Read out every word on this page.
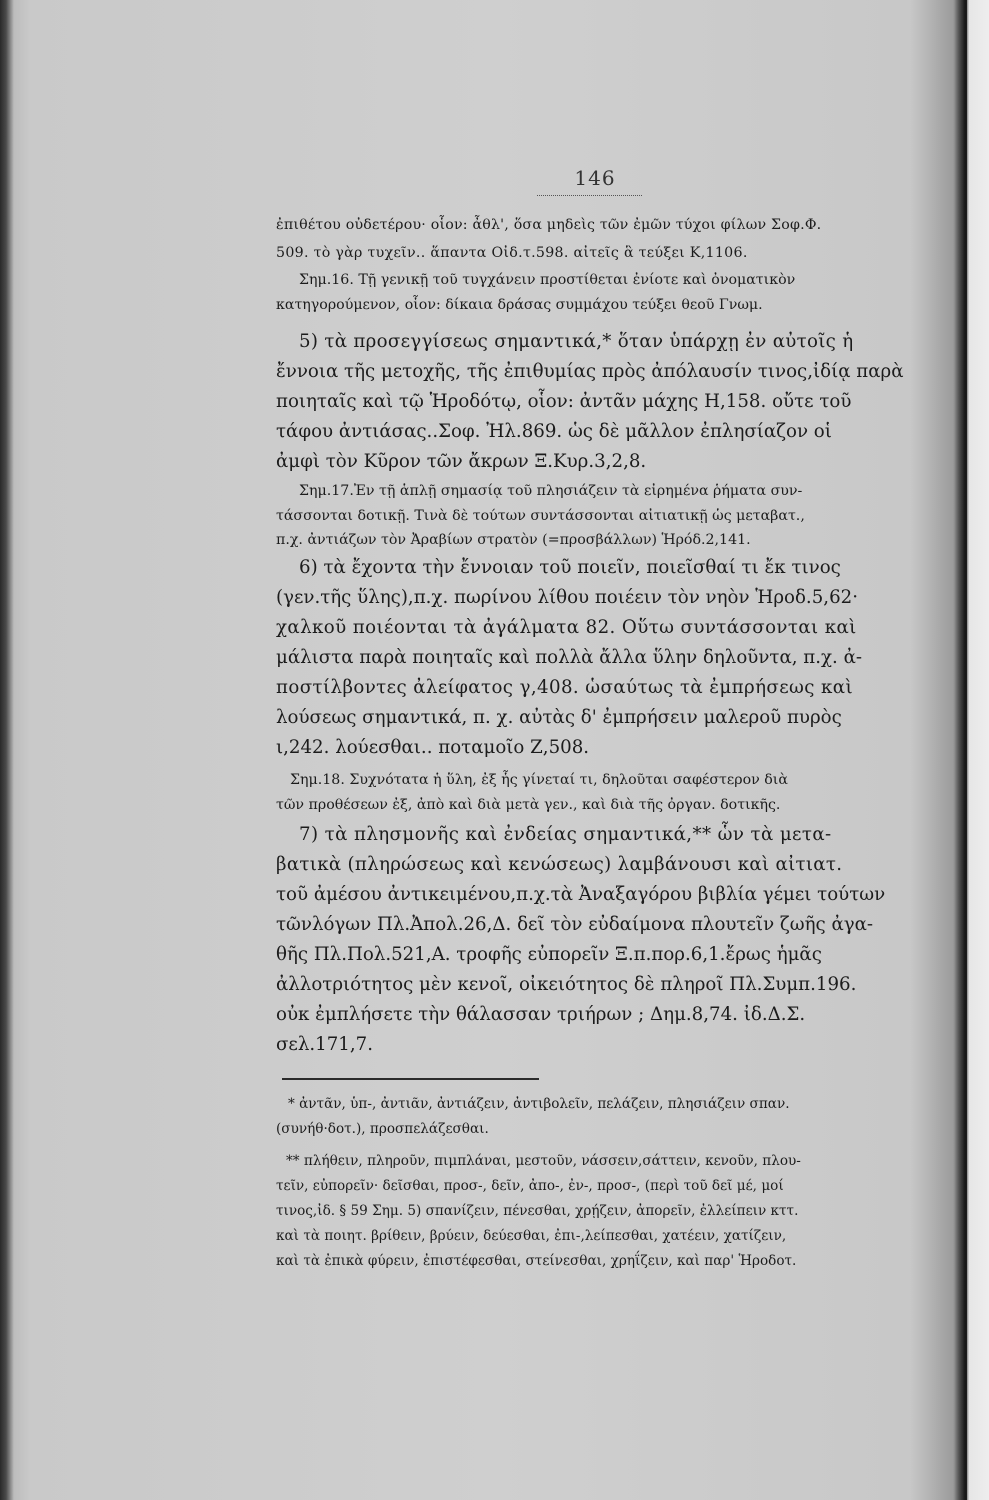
146
ἐπιθέτου οὐδετέρου· οἷον: ἆθλ', ὅσα μηδεὶς τῶν ἐμῶν τύχοι φίλων Σοφ.Φ.
509. τὸ γὰρ τυχεῖν.. ἅπαντα Οἰδ.τ.598. αἰτεῖς ἃ τεύξει Κ,1106.
Σημ.16. Τῇ γενικῇ τοῦ τυγχάνειν προστίθεται ἐνίοτε καὶ ὀνοματικὸν
κατηγορούμενον, οἷον: δίκαια δράσας συμμάχου τεύξει θεοῦ Γνωμ.
5) τὰ προσεγγίσεως σημαντικά,* ὅταν ὑπάρχῃ ἐν αὐτοῖς ἡ
ἔννοια τῆς μετοχῆς, τῆς ἐπιθυμίας πρὸς ἀπόλαυσίν τινος,ἰδίᾳ παρὰ
ποιηταῖς καὶ τῷ Ἡροδότῳ, οἷον: ἀντᾶν μάχης Η,158. οὔτε τοῦ
τάφου ἀντιάσας..Σοφ. Ἠλ.869. ὡς δὲ μᾶλλον ἐπλησίαζον οἱ
ἀμφὶ τὸν Κῦρον τῶν ἄκρων Ξ.Κυρ.3,2,8.
Σημ.17.Ἐν τῇ ἁπλῇ σημασίᾳ τοῦ πλησιάζειν τὰ εἰρημένα ῥήματα συν-
τάσσονται δοτικῇ. Τινὰ δὲ τούτων συντάσσονται αἰτιατικῇ ὡς μεταβατ.,
π.χ. ἀντιάζων τὸν Ἀραβίων στρατὸν (=προσβάλλων) Ἡρόδ.2,141.
6) τὰ ἔχοντα τὴν ἔννοιαν τοῦ ποιεῖν, ποιεῖσθαί τι ἔκ τινος
(γεν.τῆς ὕλης),π.χ. πωρίνου λίθου ποιέειν τὸν νηὸν Ἡροδ.5,62·
χαλκοῦ ποιέονται τὰ ἀγάλματα 82. Οὕτω συντάσσονται καὶ
μάλιστα παρὰ ποιηταῖς καὶ πολλὰ ἄλλα ὕλην δηλοῦντα, π.χ. ἀ-
ποστίλβοντες ἀλείφατος γ,408. ὡσαύτως τὰ ἐμπρήσεως καὶ
λούσεως σημαντικά, π. χ. αὐτὰς δ' ἐμπρήσειν μαλεροῦ πυρὸς
ι,242. λούεσθαι.. ποταμοῖο Ζ,508.
Σημ.18. Συχνότατα ἡ ὕλη, ἐξ ἧς γίνεταί τι, δηλοῦται σαφέστερον διὰ
τῶν προθέσεων ἐξ, ἀπὸ καὶ διὰ μετὰ γεν., καὶ διὰ τῆς ὀργαν. δοτικῆς.
7) τὰ πλησμονῆς καὶ ἐνδείας σημαντικά,** ὧν τὰ μετα-
βατικὰ (πληρώσεως καὶ κενώσεως) λαμβάνουσι καὶ αἰτιατ.
τοῦ ἀμέσου ἀντικειμένου,π.χ.τὰ Ἀναξαγόρου βιβλία γέμει τούτων
τῶνλόγων Πλ.Ἀπολ.26,Δ. δεῖ τὸν εὐδαίμονα πλουτεῖν ζωῆς ἀγα-
θῆς Πλ.Πολ.521,Α. τροφῆς εὐπορεῖν Ξ.π.πορ.6,1.ἔρως ἡμᾶς
ἀλλοτριότητος μὲν κενοῖ, οἰκειότητος δὲ πληροῖ Πλ.Συμπ.196.
οὐκ ἐμπλήσετε τὴν θάλασσαν τριήρων ; Δημ.8,74. ἰδ.Δ.Σ.
σελ.171,7.
* ἀντᾶν, ὑπ-, ἀντιᾶν, ἀντιάζειν, ἀντιβολεῖν, πελάζειν, πλησιάζειν σπαν.
(συνήθ·δοτ.), προσπελάζεσθαι.
** πλήθειν, πληροῦν, πιμπλάναι, μεστοῦν, νάσσειν,σάττειν, κενοῦν, πλου-
τεῖν, εὐπορεῖν· δεῖσθαι, προσ-, δεῖν, ἀπο-, ἐν-, προσ-, (περὶ τοῦ δεῖ μέ, μοί
τινος,ἰδ. § 59 Σημ. 5) σπανίζειν, πένεσθαι, χρῄζειν, ἀπορεῖν, ἐλλείπειν κττ.
καὶ τὰ ποιητ. βρίθειν, βρύειν, δεύεσθαι, ἐπι-,λείπεσθαι, χατέειν, χατίζειν,
καὶ τὰ ἐπικὰ φύρειν, ἐπιστέφεσθαι, στείνεσθαι, χρηΐζειν, καὶ παρ' Ἡροδοτ.
